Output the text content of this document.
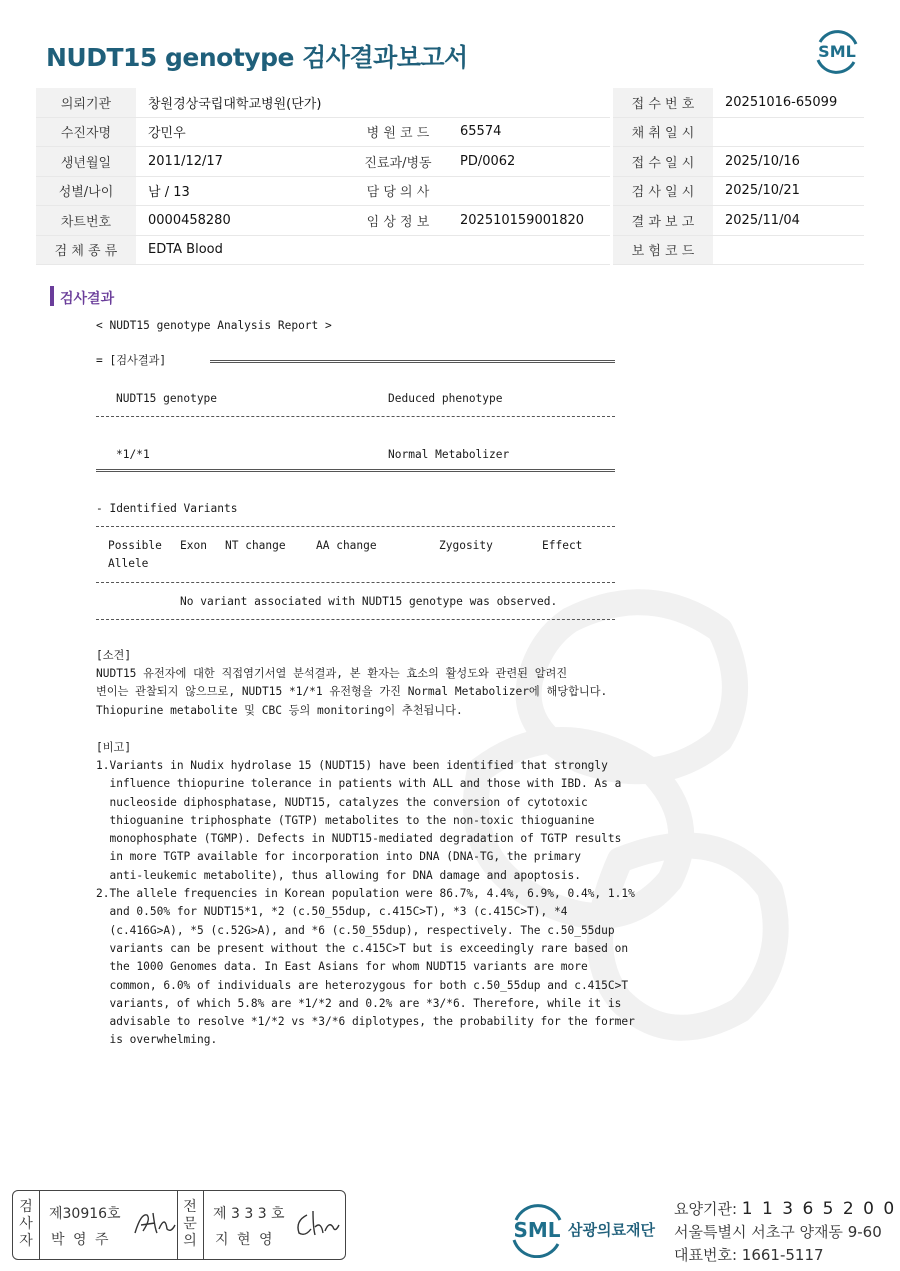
NUDT15 genotype 검사결과보고서	SML
의뢰기관	창원경상국립대학교병원(단가)				접 수 번 호	20251016-65099
수진자명	강민우	병 원 코 드	65574		채 취 일 시	
생년월일	2011/12/17	진료과/병동	PD/0062		접 수 일 시	2025/10/16
성별/나이	남 / 13	담 당 의 사			검 사 일 시	2025/10/21
차트번호	0000458280	임 상 정 보	202510159001820		결 과 보 고	2025/11/04
검 체 종 류	EDTA Blood				보 험 코 드	
검사결과
< NUDT15 genotype Analysis Report >
= [검사결과]
NUDT15 genotype	Deduced phenotype
*1/*1	Normal Metabolizer
- Identified Variants
Possible
Allele
Exon NT change	AA change	Zygosity	Effect
No variant associated with NUDT15 genotype was observed.
[소견]
NUDT15 유전자에 대한 직접염기서열 분석결과, 본 환자는 효소의 활성도와 관련된 알려진
변이는 관찰되지 않으므로, NUDT15 *1/*1 유전형을 가진 Normal Metabolizer에 해당합니다.
Thiopurine metabolite 및 CBC 등의 monitoring이 추천됩니다.
[비고]
1.Variants in Nudix hydrolase 15 (NUDT15) have been identified that strongly
influence thiopurine tolerance in patients with ALL and those with IBD. As a
nucleoside diphosphatase, NUDT15, catalyzes the conversion of cytotoxic
thioguanine triphosphate (TGTP) metabolites to the non-toxic thioguanine
monophosphate (TGMP). Defects in NUDT15-mediated degradation of TGTP results
in more TGTP available for incorporation into DNA (DNA-TG, the primary
anti-leukemic metabolite), thus allowing for DNA damage and apoptosis.
2.The allele frequencies in Korean population were 86.7%, 4.4%, 6.9%, 0.4%, 1.1%
and 0.50% for NUDT15*1, *2 (c.50_55dup, c.415C>T), *3 (c.415C>T), *4
(c.416G>A), *5 (c.52G>A), and *6 (c.50_55dup), respectively. The c.50_55dup
variants can be present without the c.415C>T but is exceedingly rare based on
the 1000 Genomes data. In East Asians for whom NUDT15 variants are more
common, 6.0% of individuals are heterozygous for both c.50_55dup and c.415C>T
variants, of which 5.8% are *1/*2 and 0.2% are *3/*6. Therefore, while it is
advisable to resolve *1/*2 vs *3/*6 diplotypes, the probability for the former
is overwhelming.
검
사
자
제30916호
박 영 주
전
문
의
제 3 3 3 호
지 현 영	SML 삼광의료재단
요양기관: 1 1 3 6 5 2 0 0
서울특별시 서초구 양재동 9-60
대표번호: 1661-5117
